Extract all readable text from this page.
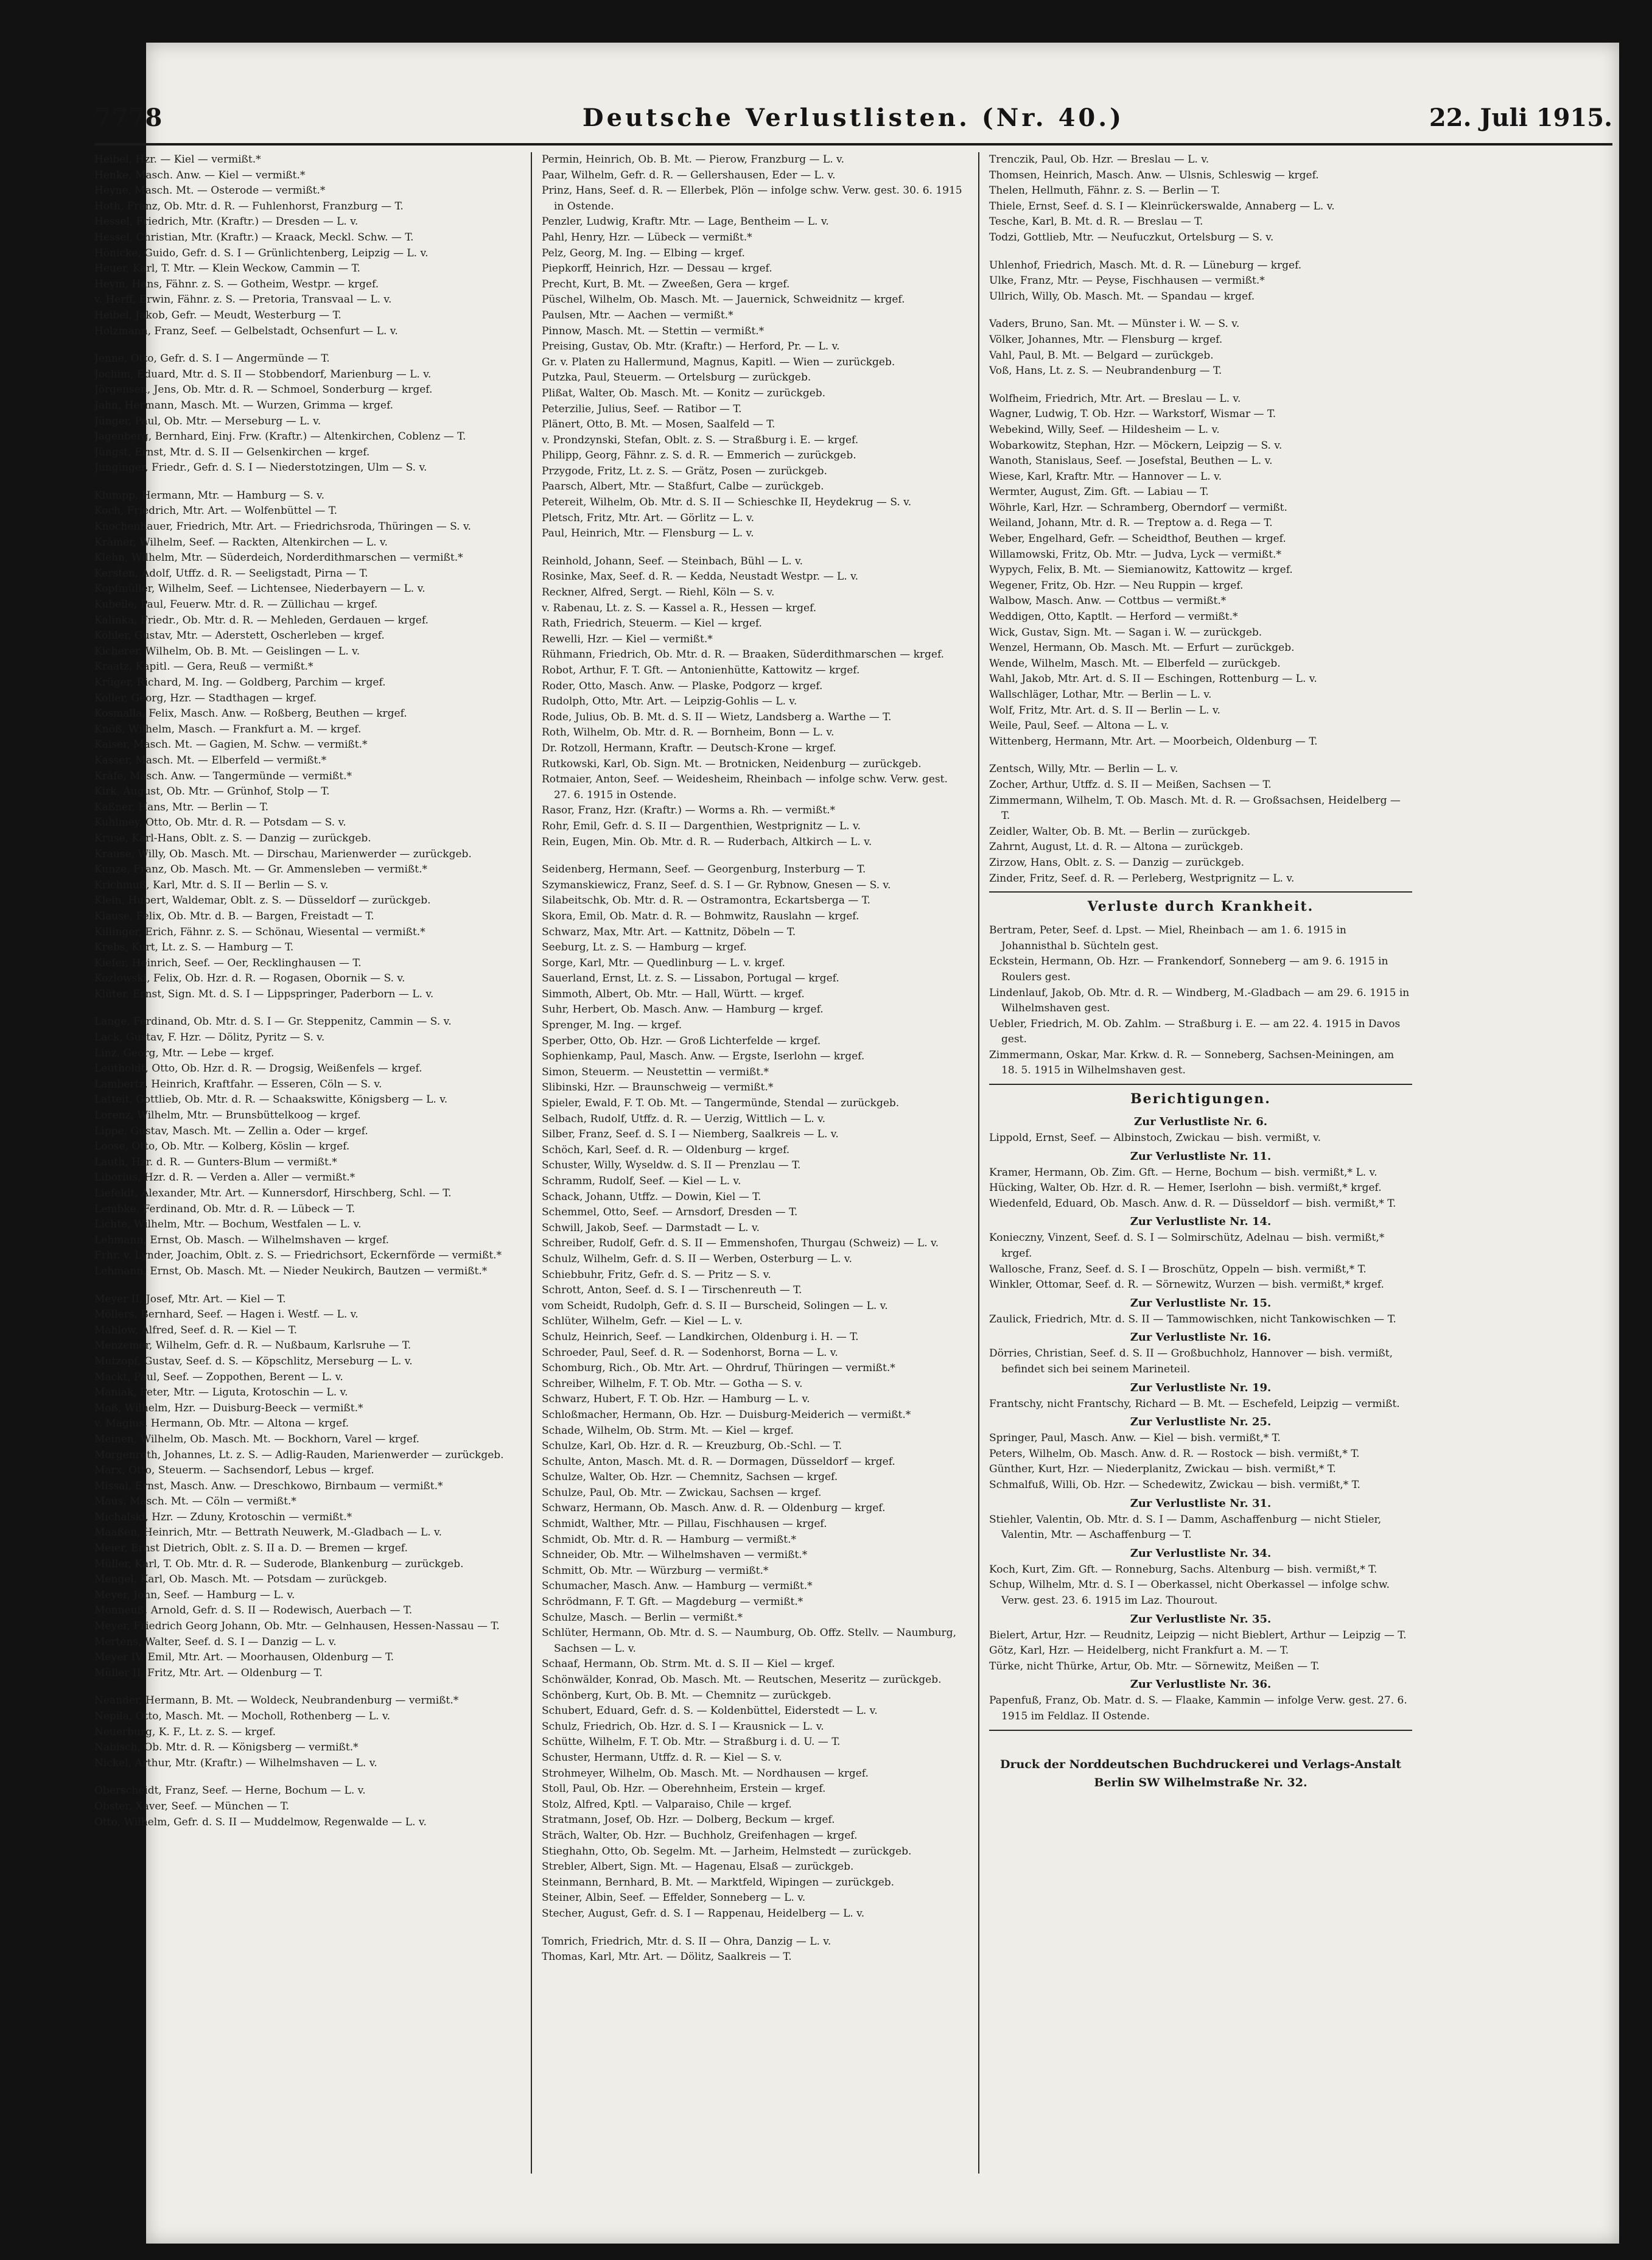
7778	Deutsche Verlustlisten. (Nr. 40.)	22. Juli 1915.
Heibel, Hzr. — Kiel — vermißt.*
Henke, Masch. Anw. — Kiel — vermißt.*
Heyne, Masch. Mt. — Osterode — vermißt.*
Hoth, Franz, Ob. Mtr. d. R. — Fuhlenhorst, Franzburg — T.
Hessel, Friedrich, Mtr. (Kraftr.) — Dresden — L. v.
Hessel, Christian, Mtr. (Kraftr.) — Kraack, Meckl. Schw. — T.
Hönicke, Guido, Gefr. d. S. I — Grünlichtenberg, Leipzig — L. v.
Heuer, Karl, T. Mtr. — Klein Weckow, Cammin — T.
Heym, Hans, Fähnr. z. S. — Gotheim, Westpr. — krgef.
v. Herff, Erwin, Fähnr. z. S. — Pretoria, Transvaal — L. v.
Heibel, Jakob, Gefr. — Meudt, Westerburg — T.
Holzmann, Franz, Seef. — Gelbelstadt, Ochsenfurt — L. v.
Jenne, Otto, Gefr. d. S. I — Angermünde — T.
Jochim, Eduard, Mtr. d. S. II — Stobbendorf, Marienburg — L. v.
Jörgensen, Jens, Ob. Mtr. d. R. — Schmoel, Sonderburg — krgef.
Jahn, Hermann, Masch. Mt. — Wurzen, Grimma — krgef.
Jünger, Paul, Ob. Mtr. — Merseburg — L. v.
Jagenberg, Bernhard, Einj. Frw. (Kraftr.) — Altenkirchen, Coblenz — T.
Jüngst, Ernst, Mtr. d. S. II — Gelsenkirchen — krgef.
Junginger, Friedr., Gefr. d. S. I — Niederstotzingen, Ulm — S. v.
Klumpp, Hermann, Mtr. — Hamburg — S. v.
Koch, Friedrich, Mtr. Art. — Wolfenbüttel — T.
Knochenhauer, Friedrich, Mtr. Art. — Friedrichsroda, Thüringen — S. v.
Krämer, Wilhelm, Seef. — Rackten, Altenkirchen — L. v.
Klehn, Wilhelm, Mtr. — Süderdeich, Norderdithmarschen — vermißt.*
Kersten, Adolf, Utffz. d. R. — Seeligstadt, Pirna — T.
Kopfmüller, Wilhelm, Seef. — Lichtensee, Niederbayern — L. v.
Kubeile, Paul, Feuerw. Mtr. d. R. — Züllichau — krgef.
Kalinka, Friedr., Ob. Mtr. d. R. — Mehleden, Gerdauen — krgef.
Köhler, Gustav, Mtr. — Aderstett, Oscherleben — krgef.
Kicherer, Wilhelm, Ob. B. Mt. — Geislingen — L. v.
Kraatz, Kapitl. — Gera, Reuß — vermißt.*
Krüger, Richard, M. Ing. — Goldberg, Parchim — krgef.
Koller, Georg, Hzr. — Stadthagen — krgef.
Kosmalla, Felix, Masch. Anw. — Roßberg, Beuthen — krgef.
Knöß, Wilhelm, Masch. — Frankfurt a. M. — krgef.
Kaiser, Masch. Mt. — Gagien, M. Schw. — vermißt.*
Kasser, Masch. Mt. — Elberfeld — vermißt.*
Kräfe, Masch. Anw. — Tangermünde — vermißt.*
Kirk, August, Ob. Mtr. — Grünhof, Stolp — T.
Kaßner, Hans, Mtr. — Berlin — T.
Kuhlmey, Otto, Ob. Mtr. d. R. — Potsdam — S. v.
Kruse, Karl-Hans, Oblt. z. S. — Danzig — zurückgeb.
Krause, Willy, Ob. Masch. Mt. — Dirschau, Marienwerder — zurückgeb.
Kunze, Franz, Ob. Masch. Mt. — Gr. Ammensleben — vermißt.*
Krichmuß, Karl, Mtr. d. S. II — Berlin — S. v.
Klein, Hubert, Waldemar, Oblt. z. S. — Düsseldorf — zurückgeb.
Klause, Felix, Ob. Mtr. d. B. — Bargen, Freistadt — T.
Killinger, Erich, Fähnr. z. S. — Schönau, Wiesental — vermißt.*
Krebs, Kurt, Lt. z. S. — Hamburg — T.
Kiefer, Heinrich, Seef. — Oer, Recklinghausen — T.
Kozlowski, Felix, Ob. Hzr. d. R. — Rogasen, Obornik — S. v.
Klüter, Ernst, Sign. Mt. d. S. I — Lippspringer, Paderborn — L. v.
Lange, Ferdinand, Ob. Mtr. d. S. I — Gr. Steppenitz, Cammin — S. v.
Lack, Gustav, F. Hzr. — Dölitz, Pyritz — S. v.
Linz, Georg, Mtr. — Lebe — krgef.
Leutholdt, Otto, Ob. Hzr. d. R. — Drogsig, Weißenfels — krgef.
Lambertz, Heinrich, Kraftfahr. — Esseren, Cöln — S. v.
Latteit, Gottlieb, Ob. Mtr. d. R. — Schaakswitte, Königsberg — L. v.
Lorenz, Wilhelm, Mtr. — Brunsbüttelkoog — krgef.
Lippe, Gustav, Masch. Mt. — Zellin a. Oder — krgef.
Loose, Otto, Ob. Mtr. — Kolberg, Köslin — krgef.
Lauth, Hzr. d. R. — Gunters-Blum — vermißt.*
Liborius, Hzr. d. R. — Verden a. Aller — vermißt.*
Liefeldt, Alexander, Mtr. Art. — Kunnersdorf, Hirschberg, Schl. — T.
Lembke, Ferdinand, Ob. Mtr. d. R. — Lübeck — T.
Lichte, Wilhelm, Mtr. — Bochum, Westfalen — L. v.
Lehmann, Ernst, Ob. Masch. — Wilhelmshaven — krgef.
Frhr. v. Lynder, Joachim, Oblt. z. S. — Friedrichsort, Eckernförde — vermißt.*
Lehmann, Ernst, Ob. Masch. Mt. — Nieder Neukirch, Bautzen — vermißt.*
Meyer II, Josef, Mtr. Art. — Kiel — T.
Möllers, Bernhard, Seef. — Hagen i. Westf. — L. v.
Mahlow, Alfred, Seef. d. R. — Kiel — T.
Menzemer, Wilhelm, Gefr. d. R. — Nußbaum, Karlsruhe — T.
Mutzopf, Gustav, Seef. d. S. — Köpschlitz, Merseburg — L. v.
Mackt, Paul, Seef. — Zoppothen, Berent — L. v.
Maniak, Peter, Mtr. — Liguta, Krotoschin — L. v.
Moß, Wilhelm, Hzr. — Duisburg-Beeck — vermißt.*
v. Magius, Hermann, Ob. Mtr. — Altona — krgef.
Meinen, Wilhelm, Ob. Masch. Mt. — Bockhorn, Varel — krgef.
Morgenroth, Johannes, Lt. z. S. — Adlig-Rauden, Marienwerder — zurückgeb.
Marx, Otto, Steuerm. — Sachsendorf, Lebus — krgef.
Missal, Ernst, Masch. Anw. — Dreschkowo, Birnbaum — vermißt.*
Maus, Masch. Mt. — Cöln — vermißt.*
Michalski, Hzr. — Zduny, Krotoschin — vermißt.*
Maaßen, Heinrich, Mtr. — Bettrath Neuwerk, M.-Gladbach — L. v.
Meier, Ernst Dietrich, Oblt. z. S. II a. D. — Bremen — krgef.
Müller, Karl, T. Ob. Mtr. d. R. — Suderode, Blankenburg — zurückgeb.
Mengel, Karl, Ob. Masch. Mt. — Potsdam — zurückgeb.
Meyer, John, Seef. — Hamburg — L. v.
Monneuß, Arnold, Gefr. d. S. II — Rodewisch, Auerbach — T.
Meyer, Friedrich Georg Johann, Ob. Mtr. — Gelnhausen, Hessen-Nassau — T.
Mertens, Walter, Seef. d. S. I — Danzig — L. v.
Meyer IV, Emil, Mtr. Art. — Moorhausen, Oldenburg — T.
Müller II, Fritz, Mtr. Art. — Oldenburg — T.
Neander, Hermann, B. Mt. — Woldeck, Neubrandenburg — vermißt.*
Nepila, Otto, Masch. Mt. — Mocholl, Rothenberg — L. v.
Neuerburg, K. F., Lt. z. S. — krgef.
Nabisch, Ob. Mtr. d. R. — Königsberg — vermißt.*
Nickel, Arthur, Mtr. (Kraftr.) — Wilhelmshaven — L. v.
Oberscheidt, Franz, Seef. — Herne, Bochum — L. v.
Obster, Xaver, Seef. — München — T.
Otto, Wilhelm, Gefr. d. S. II — Muddelmow, Regenwalde — L. v.
Permin, Heinrich, Ob. B. Mt. — Pierow, Franzburg — L. v.
Paar, Wilhelm, Gefr. d. R. — Gellershausen, Eder — L. v.
Prinz, Hans, Seef. d. R. — Ellerbek, Plön — infolge schw. Verw. gest. 30. 6. 1915 in Ostende.
Penzler, Ludwig, Kraftr. Mtr. — Lage, Bentheim — L. v.
Pahl, Henry, Hzr. — Lübeck — vermißt.*
Pelz, Georg, M. Ing. — Elbing — krgef.
Piepkorff, Heinrich, Hzr. — Dessau — krgef.
Precht, Kurt, B. Mt. — Zweeßen, Gera — krgef.
Püschel, Wilhelm, Ob. Masch. Mt. — Jauernick, Schweidnitz — krgef.
Paulsen, Mtr. — Aachen — vermißt.*
Pinnow, Masch. Mt. — Stettin — vermißt.*
Preising, Gustav, Ob. Mtr. (Kraftr.) — Herford, Pr. — L. v.
Gr. v. Platen zu Hallermund, Magnus, Kapitl. — Wien — zurückgeb.
Putzka, Paul, Steuerm. — Ortelsburg — zurückgeb.
Plißat, Walter, Ob. Masch. Mt. — Konitz — zurückgeb.
Peterzilie, Julius, Seef. — Ratibor — T.
Plänert, Otto, B. Mt. — Mosen, Saalfeld — T.
v. Prondzynski, Stefan, Oblt. z. S. — Straßburg i. E. — krgef.
Philipp, Georg, Fähnr. z. S. d. R. — Emmerich — zurückgeb.
Przygode, Fritz, Lt. z. S. — Grätz, Posen — zurückgeb.
Paarsch, Albert, Mtr. — Staßfurt, Calbe — zurückgeb.
Petereit, Wilhelm, Ob. Mtr. d. S. II — Schieschke II, Heydekrug — S. v.
Pletsch, Fritz, Mtr. Art. — Görlitz — L. v.
Paul, Heinrich, Mtr. — Flensburg — L. v.
Reinhold, Johann, Seef. — Steinbach, Bühl — L. v.
Rosinke, Max, Seef. d. R. — Kedda, Neustadt Westpr. — L. v.
Reckner, Alfred, Sergt. — Riehl, Köln — S. v.
v. Rabenau, Lt. z. S. — Kassel a. R., Hessen — krgef.
Rath, Friedrich, Steuerm. — Kiel — krgef.
Rewelli, Hzr. — Kiel — vermißt.*
Rühmann, Friedrich, Ob. Mtr. d. R. — Braaken, Süderdithmarschen — krgef.
Robot, Arthur, F. T. Gft. — Antonienhütte, Kattowitz — krgef.
Roder, Otto, Masch. Anw. — Plaske, Podgorz — krgef.
Rudolph, Otto, Mtr. Art. — Leipzig-Gohlis — L. v.
Rode, Julius, Ob. B. Mt. d. S. II — Wietz, Landsberg a. Warthe — T.
Roth, Wilhelm, Ob. Mtr. d. R. — Bornheim, Bonn — L. v.
Dr. Rotzoll, Hermann, Kraftr. — Deutsch-Krone — krgef.
Rutkowski, Karl, Ob. Sign. Mt. — Brotnicken, Neidenburg — zurückgeb.
Rotmaier, Anton, Seef. — Weidesheim, Rheinbach — infolge schw. Verw. gest. 27. 6. 1915 in Ostende.
Rasor, Franz, Hzr. (Kraftr.) — Worms a. Rh. — vermißt.*
Rohr, Emil, Gefr. d. S. II — Dargenthien, Westprignitz — L. v.
Rein, Eugen, Min. Ob. Mtr. d. R. — Ruderbach, Altkirch — L. v.
Seidenberg, Hermann, Seef. — Georgenburg, Insterburg — T.
Szymanskiewicz, Franz, Seef. d. S. I — Gr. Rybnow, Gnesen — S. v.
Silabeitschk, Ob. Mtr. d. R. — Ostramontra, Eckartsberga — T.
Skora, Emil, Ob. Matr. d. R. — Bohmwitz, Rauslahn — krgef.
Schwarz, Max, Mtr. Art. — Kattnitz, Döbeln — T.
Seeburg, Lt. z. S. — Hamburg — krgef.
Sorge, Karl, Mtr. — Quedlinburg — L. v. krgef.
Sauerland, Ernst, Lt. z. S. — Lissabon, Portugal — krgef.
Simmoth, Albert, Ob. Mtr. — Hall, Württ. — krgef.
Suhr, Herbert, Ob. Masch. Anw. — Hamburg — krgef.
Sprenger, M. Ing. — krgef.
Sperber, Otto, Ob. Hzr. — Groß Lichterfelde — krgef.
Sophienkamp, Paul, Masch. Anw. — Ergste, Iserlohn — krgef.
Simon, Steuerm. — Neustettin — vermißt.*
Slibinski, Hzr. — Braunschweig — vermißt.*
Spieler, Ewald, F. T. Ob. Mt. — Tangermünde, Stendal — zurückgeb.
Selbach, Rudolf, Utffz. d. R. — Uerzig, Wittlich — L. v.
Silber, Franz, Seef. d. S. I — Niemberg, Saalkreis — L. v.
Schöch, Karl, Seef. d. R. — Oldenburg — krgef.
Schuster, Willy, Wyseldw. d. S. II — Prenzlau — T.
Schramm, Rudolf, Seef. — Kiel — L. v.
Schack, Johann, Utffz. — Dowin, Kiel — T.
Schemmel, Otto, Seef. — Arnsdorf, Dresden — T.
Schwill, Jakob, Seef. — Darmstadt — L. v.
Schreiber, Rudolf, Gefr. d. S. II — Emmenshofen, Thurgau (Schweiz) — L. v.
Schulz, Wilhelm, Gefr. d. S. II — Werben, Osterburg — L. v.
Schiebbuhr, Fritz, Gefr. d. S. — Pritz — S. v.
Schrott, Anton, Seef. d. S. I — Tirschenreuth — T.
vom Scheidt, Rudolph, Gefr. d. S. II — Burscheid, Solingen — L. v.
Schlüter, Wilhelm, Gefr. — Kiel — L. v.
Schulz, Heinrich, Seef. — Landkirchen, Oldenburg i. H. — T.
Schroeder, Paul, Seef. d. R. — Sodenhorst, Borna — L. v.
Schomburg, Rich., Ob. Mtr. Art. — Ohrdruf, Thüringen — vermißt.*
Schreiber, Wilhelm, F. T. Ob. Mtr. — Gotha — S. v.
Schwarz, Hubert, F. T. Ob. Hzr. — Hamburg — L. v.
Schloßmacher, Hermann, Ob. Hzr. — Duisburg-Meiderich — vermißt.*
Schade, Wilhelm, Ob. Strm. Mt. — Kiel — krgef.
Schulze, Karl, Ob. Hzr. d. R. — Kreuzburg, Ob.-Schl. — T.
Schulte, Anton, Masch. Mt. d. R. — Dormagen, Düsseldorf — krgef.
Schulze, Walter, Ob. Hzr. — Chemnitz, Sachsen — krgef.
Schulze, Paul, Ob. Mtr. — Zwickau, Sachsen — krgef.
Schwarz, Hermann, Ob. Masch. Anw. d. R. — Oldenburg — krgef.
Schmidt, Walther, Mtr. — Pillau, Fischhausen — krgef.
Schmidt, Ob. Mtr. d. R. — Hamburg — vermißt.*
Schneider, Ob. Mtr. — Wilhelmshaven — vermißt.*
Schmitt, Ob. Mtr. — Würzburg — vermißt.*
Schumacher, Masch. Anw. — Hamburg — vermißt.*
Schrödmann, F. T. Gft. — Magdeburg — vermißt.*
Schulze, Masch. — Berlin — vermißt.*
Schlüter, Hermann, Ob. Mtr. d. S. — Naumburg, Ob. Offz. Stellv. — Naumburg, Sachsen — L. v.
Schaaf, Hermann, Ob. Strm. Mt. d. S. II — Kiel — krgef.
Schönwälder, Konrad, Ob. Masch. Mt. — Reutschen, Meseritz — zurückgeb.
Schönberg, Kurt, Ob. B. Mt. — Chemnitz — zurückgeb.
Schubert, Eduard, Gefr. d. S. — Koldenbüttel, Eiderstedt — L. v.
Schulz, Friedrich, Ob. Hzr. d. S. I — Krausnick — L. v.
Schütte, Wilhelm, F. T. Ob. Mtr. — Straßburg i. d. U. — T.
Schuster, Hermann, Utffz. d. R. — Kiel — S. v.
Strohmeyer, Wilhelm, Ob. Masch. Mt. — Nordhausen — krgef.
Stoll, Paul, Ob. Hzr. — Oberehnheim, Erstein — krgef.
Stolz, Alfred, Kptl. — Valparaiso, Chile — krgef.
Stratmann, Josef, Ob. Hzr. — Dolberg, Beckum — krgef.
Sträch, Walter, Ob. Hzr. — Buchholz, Greifenhagen — krgef.
Stieghahn, Otto, Ob. Segelm. Mt. — Jarheim, Helmstedt — zurückgeb.
Strebler, Albert, Sign. Mt. — Hagenau, Elsaß — zurückgeb.
Steinmann, Bernhard, B. Mt. — Marktfeld, Wipingen — zurückgeb.
Steiner, Albin, Seef. — Effelder, Sonneberg — L. v.
Stecher, August, Gefr. d. S. I — Rappenau, Heidelberg — L. v.
Tomrich, Friedrich, Mtr. d. S. II — Ohra, Danzig — L. v.
Thomas, Karl, Mtr. Art. — Dölitz, Saalkreis — T.
Trenczik, Paul, Ob. Hzr. — Breslau — L. v.
Thomsen, Heinrich, Masch. Anw. — Ulsnis, Schleswig — krgef.
Thelen, Hellmuth, Fähnr. z. S. — Berlin — T.
Thiele, Ernst, Seef. d. S. I — Kleinrückerswalde, Annaberg — L. v.
Tesche, Karl, B. Mt. d. R. — Breslau — T.
Todzi, Gottlieb, Mtr. — Neufuczkut, Ortelsburg — S. v.
Uhlenhof, Friedrich, Masch. Mt. d. R. — Lüneburg — krgef.
Ulke, Franz, Mtr. — Peyse, Fischhausen — vermißt.*
Ullrich, Willy, Ob. Masch. Mt. — Spandau — krgef.
Vaders, Bruno, San. Mt. — Münster i. W. — S. v.
Völker, Johannes, Mtr. — Flensburg — krgef.
Vahl, Paul, B. Mt. — Belgard — zurückgeb.
Voß, Hans, Lt. z. S. — Neubrandenburg — T.
Wolfheim, Friedrich, Mtr. Art. — Breslau — L. v.
Wagner, Ludwig, T. Ob. Hzr. — Warkstorf, Wismar — T.
Webekind, Willy, Seef. — Hildesheim — L. v.
Wobarkowitz, Stephan, Hzr. — Möckern, Leipzig — S. v.
Wanoth, Stanislaus, Seef. — Josefstal, Beuthen — L. v.
Wiese, Karl, Kraftr. Mtr. — Hannover — L. v.
Wermter, August, Zim. Gft. — Labiau — T.
Wöhrle, Karl, Hzr. — Schramberg, Oberndorf — vermißt.
Weiland, Johann, Mtr. d. R. — Treptow a. d. Rega — T.
Weber, Engelhard, Gefr. — Scheidthof, Beuthen — krgef.
Willamowski, Fritz, Ob. Mtr. — Judva, Lyck — vermißt.*
Wypych, Felix, B. Mt. — Siemianowitz, Kattowitz — krgef.
Wegener, Fritz, Ob. Hzr. — Neu Ruppin — krgef.
Walbow, Masch. Anw. — Cottbus — vermißt.*
Weddigen, Otto, Kaptlt. — Herford — vermißt.*
Wick, Gustav, Sign. Mt. — Sagan i. W. — zurückgeb.
Wenzel, Hermann, Ob. Masch. Mt. — Erfurt — zurückgeb.
Wende, Wilhelm, Masch. Mt. — Elberfeld — zurückgeb.
Wahl, Jakob, Mtr. Art. d. S. II — Eschingen, Rottenburg — L. v.
Wallschläger, Lothar, Mtr. — Berlin — L. v.
Wolf, Fritz, Mtr. Art. d. S. II — Berlin — L. v.
Weile, Paul, Seef. — Altona — L. v.
Wittenberg, Hermann, Mtr. Art. — Moorbeich, Oldenburg — T.
Zentsch, Willy, Mtr. — Berlin — L. v.
Zocher, Arthur, Utffz. d. S. II — Meißen, Sachsen — T.
Zimmermann, Wilhelm, T. Ob. Masch. Mt. d. R. — Großsachsen, Heidelberg — T.
Zeidler, Walter, Ob. B. Mt. — Berlin — zurückgeb.
Zahrnt, August, Lt. d. R. — Altona — zurückgeb.
Zirzow, Hans, Oblt. z. S. — Danzig — zurückgeb.
Zinder, Fritz, Seef. d. R. — Perleberg, Westprignitz — L. v.
Verluste durch Krankheit.
Bertram, Peter, Seef. d. Lpst. — Miel, Rheinbach — am 1. 6. 1915 in Johannisthal b. Süchteln gest.
Eckstein, Hermann, Ob. Hzr. — Frankendorf, Sonneberg — am 9. 6. 1915 in Roulers gest.
Lindenlauf, Jakob, Ob. Mtr. d. R. — Windberg, M.-Gladbach — am 29. 6. 1915 in Wilhelmshaven gest.
Uebler, Friedrich, M. Ob. Zahlm. — Straßburg i. E. — am 22. 4. 1915 in Davos gest.
Zimmermann, Oskar, Mar. Krkw. d. R. — Sonneberg, Sachsen-Meiningen, am 18. 5. 1915 in Wilhelmshaven gest.
Berichtigungen.
Zur Verlustliste Nr. 6.
Lippold, Ernst, Seef. — Albinstoch, Zwickau — bish. vermißt, v.
Zur Verlustliste Nr. 11.
Kramer, Hermann, Ob. Zim. Gft. — Herne, Bochum — bish. vermißt,* L. v.
Hücking, Walter, Ob. Hzr. d. R. — Hemer, Iserlohn — bish. vermißt,* krgef.
Wiedenfeld, Eduard, Ob. Masch. Anw. d. R. — Düsseldorf — bish. vermißt,* T.
Zur Verlustliste Nr. 14.
Konieczny, Vinzent, Seef. d. S. I — Solmirschütz, Adelnau — bish. vermißt,* krgef.
Wallosche, Franz, Seef. d. S. I — Broschütz, Oppeln — bish. vermißt,* T.
Winkler, Ottomar, Seef. d. R. — Sörnewitz, Wurzen — bish. vermißt,* krgef.
Zur Verlustliste Nr. 15.
Zaulick, Friedrich, Mtr. d. S. II — Tammowischken, nicht Tankowischken — T.
Zur Verlustliste Nr. 16.
Dörries, Christian, Seef. d. S. II — Großbuchholz, Hannover — bish. vermißt, befindet sich bei seinem Marineteil.
Zur Verlustliste Nr. 19.
Frantschy, nicht Frantschy, Richard — B. Mt. — Eschefeld, Leipzig — vermißt.
Zur Verlustliste Nr. 25.
Springer, Paul, Masch. Anw. — Kiel — bish. vermißt,* T.
Peters, Wilhelm, Ob. Masch. Anw. d. R. — Rostock — bish. vermißt,* T.
Günther, Kurt, Hzr. — Niederplanitz, Zwickau — bish. vermißt,* T.
Schmalfuß, Willi, Ob. Hzr. — Schedewitz, Zwickau — bish. vermißt,* T.
Zur Verlustliste Nr. 31.
Stiehler, Valentin, Ob. Mtr. d. S. I — Damm, Aschaffenburg — nicht Stieler, Valentin, Mtr. — Aschaffenburg — T.
Zur Verlustliste Nr. 34.
Koch, Kurt, Zim. Gft. — Ronneburg, Sachs. Altenburg — bish. vermißt,* T.
Schup, Wilhelm, Mtr. d. S. I — Oberkassel, nicht Oberkassel — infolge schw. Verw. gest. 23. 6. 1915 im Laz. Thourout.
Zur Verlustliste Nr. 35.
Bielert, Artur, Hzr. — Reudnitz, Leipzig — nicht Bieblert, Arthur — Leipzig — T.
Götz, Karl, Hzr. — Heidelberg, nicht Frankfurt a. M. — T.
Türke, nicht Thürke, Artur, Ob. Mtr. — Sörnewitz, Meißen — T.
Zur Verlustliste Nr. 36.
Papenfuß, Franz, Ob. Matr. d. S. — Flaake, Kammin — infolge Verw. gest. 27. 6. 1915 im Feldlaz. II Ostende.
Druck der Norddeutschen Buchdruckerei und Verlags-Anstalt
Berlin SW Wilhelmstraße Nr. 32.
